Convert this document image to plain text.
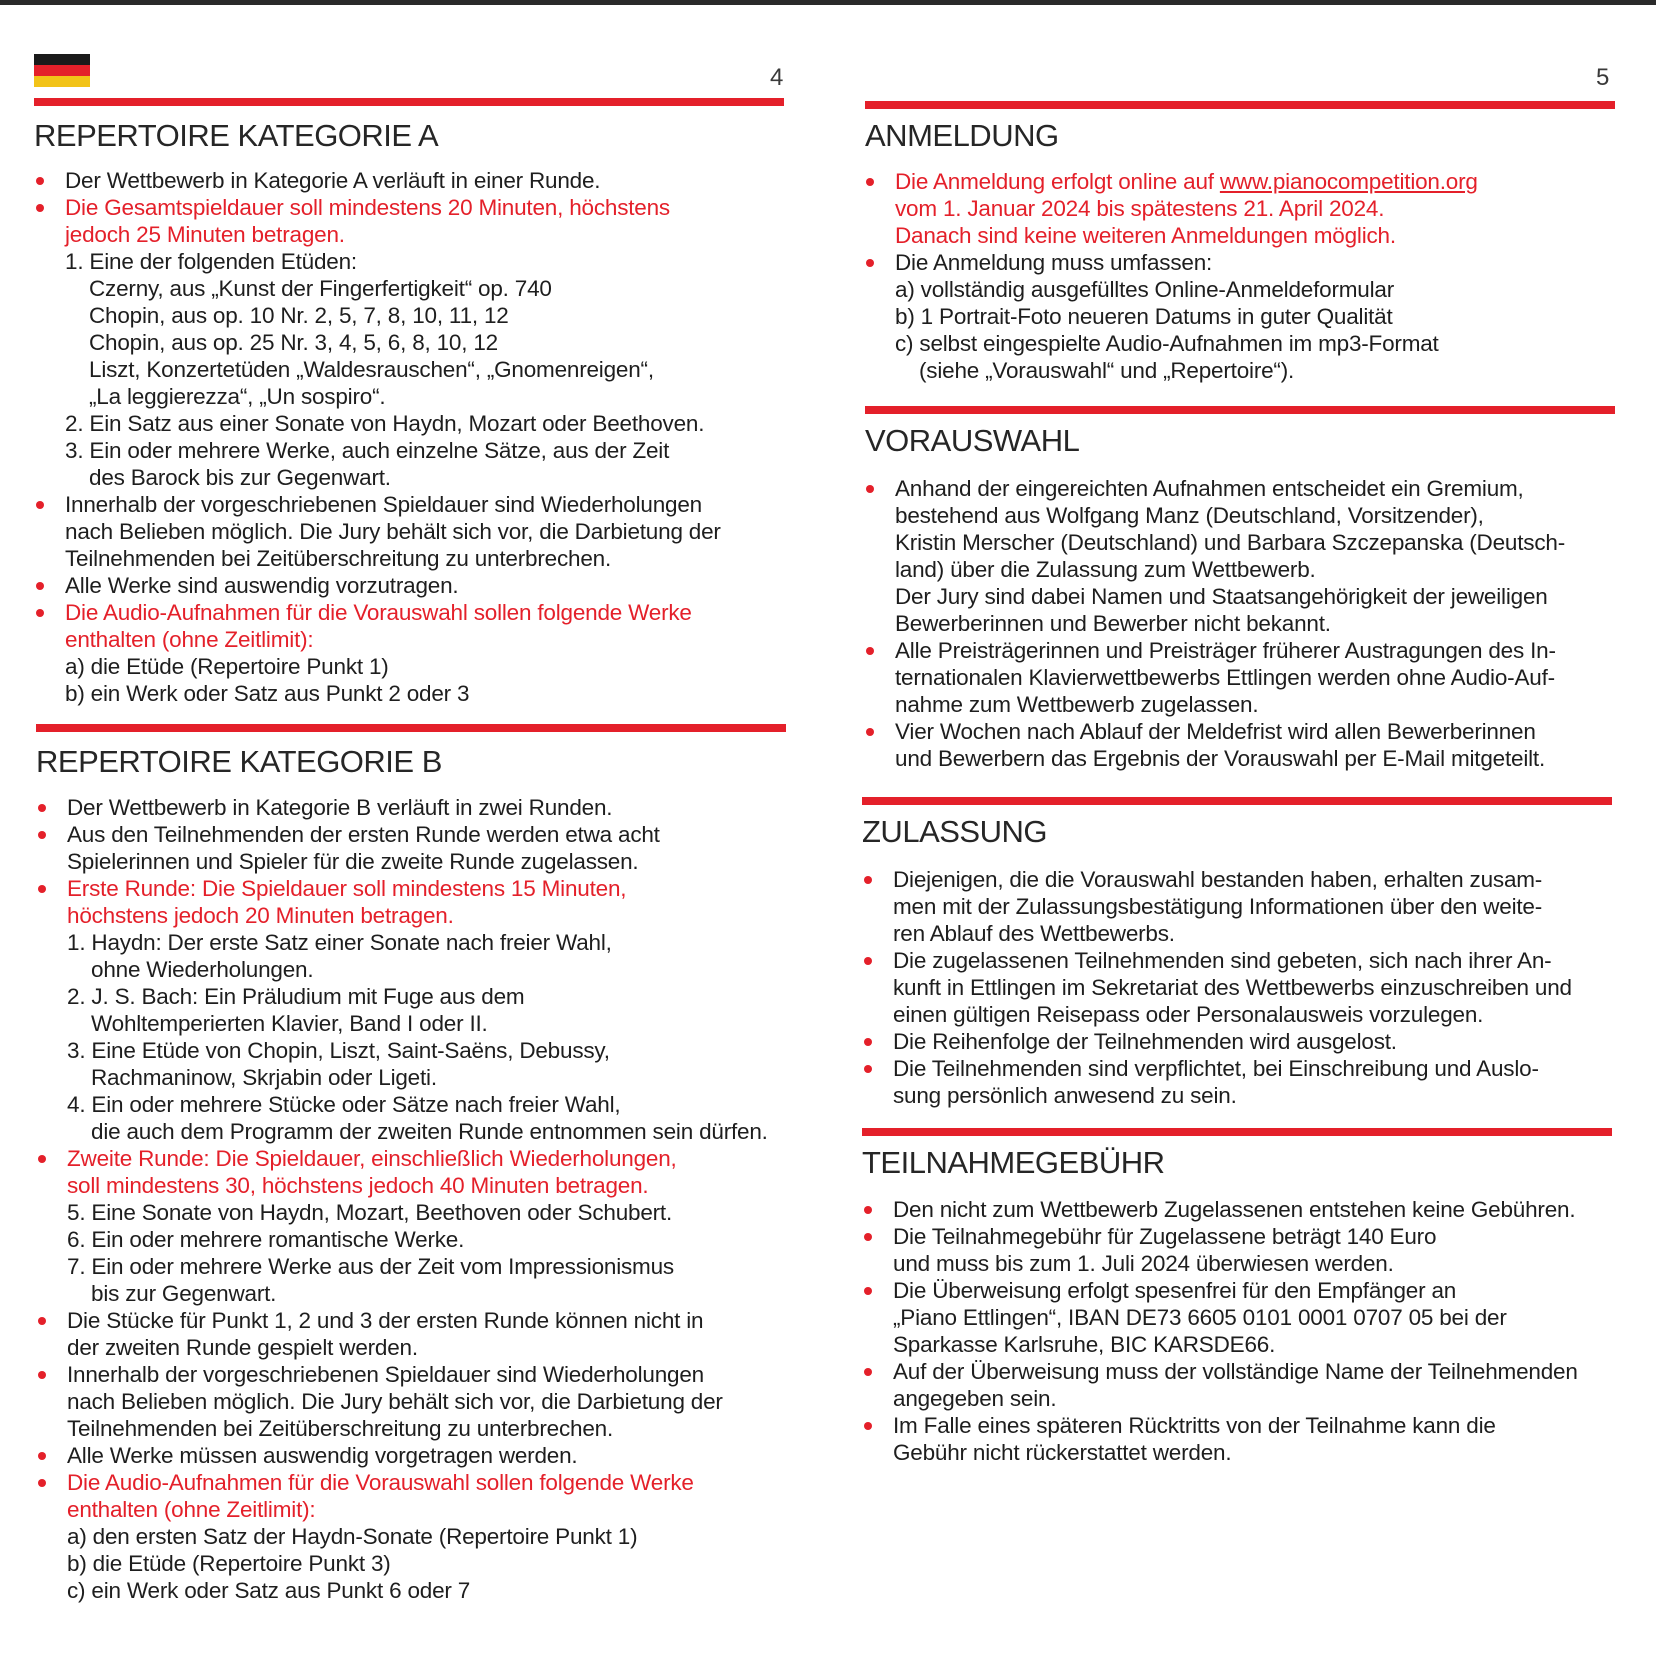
4
REPERTOIRE KATEGORIE A
Der Wettbewerb in Kategorie A verläuft in einer Runde.
Die Gesamtspieldauer soll mindestens 20 Minuten, höchstens
jedoch 25 Minuten betragen.
1. Eine der folgenden Etüden:
Czerny, aus „Kunst der Fingerfertigkeit“ op. 740
Chopin, aus op. 10 Nr. 2, 5, 7, 8, 10, 11, 12
Chopin, aus op. 25 Nr. 3, 4, 5, 6, 8, 10, 12
Liszt, Konzertetüden „Waldesrauschen“, „Gnomenreigen“,
„La leggierezza“, „Un sospiro“.
2. Ein Satz aus einer Sonate von Haydn, Mozart oder Beethoven.
3. Ein oder mehrere Werke, auch einzelne Sätze, aus der Zeit
des Barock bis zur Gegenwart.
Innerhalb der vorgeschriebenen Spieldauer sind Wiederholungen
nach Belieben möglich. Die Jury behält sich vor, die Darbietung der
Teilnehmenden bei Zeitüberschreitung zu unterbrechen.
Alle Werke sind auswendig vorzutragen.
Die Audio-Aufnahmen für die Vorauswahl sollen folgende Werke
enthalten (ohne Zeitlimit):
a) die Etüde (Repertoire Punkt 1)
b) ein Werk oder Satz aus Punkt 2 oder 3
REPERTOIRE KATEGORIE B
Der Wettbewerb in Kategorie B verläuft in zwei Runden.
Aus den Teilnehmenden der ersten Runde werden etwa acht
Spielerinnen und Spieler für die zweite Runde zugelassen.
Erste Runde: Die Spieldauer soll mindestens 15 Minuten,
höchstens jedoch 20 Minuten betragen.
1. Haydn: Der erste Satz einer Sonate nach freier Wahl,
ohne Wiederholungen.
2. J. S. Bach: Ein Präludium mit Fuge aus dem
Wohltemperierten Klavier, Band I oder II.
3. Eine Etüde von Chopin, Liszt, Saint-Saëns, Debussy,
Rachmaninow, Skrjabin oder Ligeti.
4. Ein oder mehrere Stücke oder Sätze nach freier Wahl,
die auch dem Programm der zweiten Runde entnommen sein dürfen.
Zweite Runde: Die Spieldauer, einschließlich Wiederholungen,
soll mindestens 30, höchstens jedoch 40 Minuten betragen.
5. Eine Sonate von Haydn, Mozart, Beethoven oder Schubert.
6. Ein oder mehrere romantische Werke.
7. Ein oder mehrere Werke aus der Zeit vom Impressionismus
bis zur Gegenwart.
Die Stücke für Punkt 1, 2 und 3 der ersten Runde können nicht in
der zweiten Runde gespielt werden.
Innerhalb der vorgeschriebenen Spieldauer sind Wiederholungen
nach Belieben möglich. Die Jury behält sich vor, die Darbietung der
Teilnehmenden bei Zeitüberschreitung zu unterbrechen.
Alle Werke müssen auswendig vorgetragen werden.
Die Audio-Aufnahmen für die Vorauswahl sollen folgende Werke
enthalten (ohne Zeitlimit):
a) den ersten Satz der Haydn-Sonate (Repertoire Punkt 1)
b) die Etüde (Repertoire Punkt 3)
c) ein Werk oder Satz aus Punkt 6 oder 7
5
ANMELDUNG
Die Anmeldung erfolgt online auf www.pianocompetition.org
vom 1. Januar 2024 bis spätestens 21. April 2024.
Danach sind keine weiteren Anmeldungen möglich.
Die Anmeldung muss umfassen:
a) vollständig ausgefülltes Online-Anmeldeformular
b) 1 Portrait-Foto neueren Datums in guter Qualität
c) selbst eingespielte Audio-Aufnahmen im mp3-Format
(siehe „Vorauswahl“ und „Repertoire“).
VORAUSWAHL
Anhand der eingereichten Aufnahmen entscheidet ein Gremium,
bestehend aus Wolfgang Manz (Deutschland, Vorsitzender),
Kristin Merscher (Deutschland) und Barbara Szczepanska (Deutsch-
land) über die Zulassung zum Wettbewerb.
Der Jury sind dabei Namen und Staatsangehörigkeit der jeweiligen
Bewerberinnen und Bewerber nicht bekannt.
Alle Preisträgerinnen und Preisträger früherer Austragungen des In-
ternationalen Klavierwettbewerbs Ettlingen werden ohne Audio-Auf-
nahme zum Wettbewerb zugelassen.
Vier Wochen nach Ablauf der Meldefrist wird allen Bewerberinnen
und Bewerbern das Ergebnis der Vorauswahl per E-Mail mitgeteilt.
ZULASSUNG
Diejenigen, die die Vorauswahl bestanden haben, erhalten zusam-
men mit der Zulassungsbestätigung Informationen über den weite-
ren Ablauf des Wettbewerbs.
Die zugelassenen Teilnehmenden sind gebeten, sich nach ihrer An-
kunft in Ettlingen im Sekretariat des Wettbewerbs einzuschreiben und
einen gültigen Reisepass oder Personalausweis vorzulegen.
Die Reihenfolge der Teilnehmenden wird ausgelost.
Die Teilnehmenden sind verpflichtet, bei Einschreibung und Auslo-
sung persönlich anwesend zu sein.
TEILNAHMEGEBÜHR
Den nicht zum Wettbewerb Zugelassenen entstehen keine Gebühren.
Die Teilnahmegebühr für Zugelassene beträgt 140 Euro
und muss bis zum 1. Juli 2024 überwiesen werden.
Die Überweisung erfolgt spesenfrei für den Empfänger an
„Piano Ettlingen“, IBAN DE73 6605 0101 0001 0707 05 bei der
Sparkasse Karlsruhe, BIC KARSDE66.
Auf der Überweisung muss der vollständige Name der Teilnehmenden
angegeben sein.
Im Falle eines späteren Rücktritts von der Teilnahme kann die
Gebühr nicht rückerstattet werden.
